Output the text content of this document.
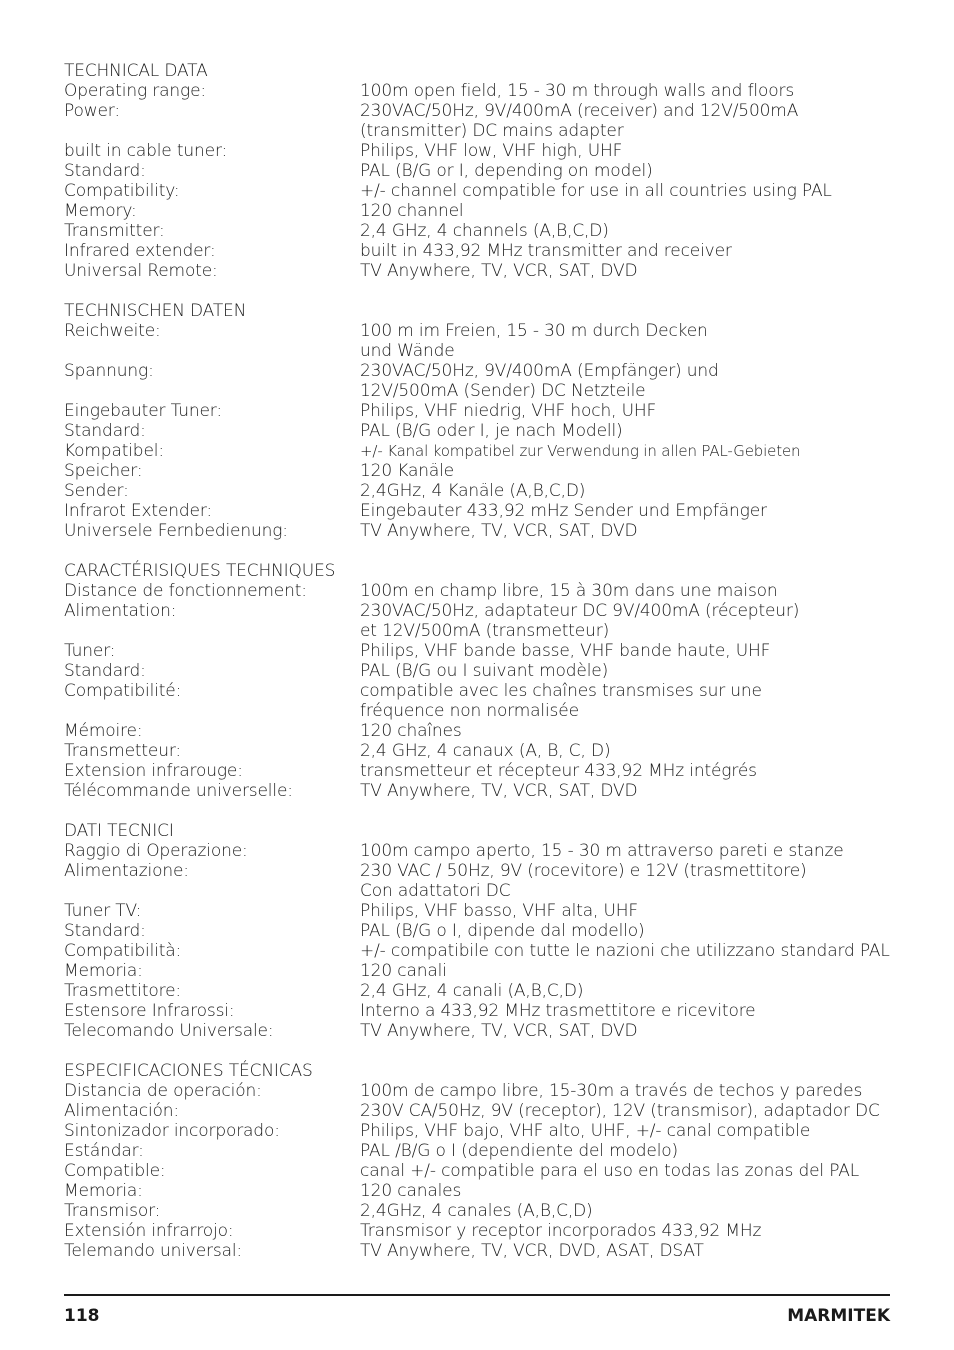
TECHNICAL DATA
Operating range:	100m open field, 15 - 30 m through walls and floors
Power:	230VAC/50Hz, 9V/400mA (receiver) and 12V/500mA
(transmitter) DC mains adapter
built in cable tuner:	Philips, VHF low, VHF high, UHF
Standard:	PAL (B/G or I, depending on model)
Compatibility:	+/- channel compatible for use in all countries using PAL
Memory:	120 channel
Transmitter:	2,4 GHz, 4 channels (A,B,C,D)
Infrared extender:	built in 433,92 MHz transmitter and receiver
Universal Remote:	TV Anywhere, TV, VCR, SAT, DVD
TECHNISCHEN DATEN
Reichweite:	100 m im Freien, 15 - 30 m durch Decken
und Wände
Spannung:	230VAC/50Hz, 9V/400mA (Empfänger) und
12V/500mA (Sender) DC Netzteile
Eingebauter Tuner:	Philips, VHF niedrig, VHF hoch, UHF
Standard:	PAL (B/G oder I, je nach Modell)
Kompatibel:	+/- Kanal kompatibel zur Verwendung in allen PAL-Gebieten
Speicher:	120 Kanäle
Sender:	2,4GHz, 4 Kanäle (A,B,C,D)
Infrarot Extender:	Eingebauter 433,92 mHz Sender und Empfänger
Universele Fernbedienung:	TV Anywhere, TV, VCR, SAT, DVD
CARACTÉRISIQUES TECHNIQUES
Distance de fonctionnement:	100m en champ libre, 15 à 30m dans une maison
Alimentation:	230VAC/50Hz, adaptateur DC 9V/400mA (récepteur)
et 12V/500mA (transmetteur)
Tuner:	Philips, VHF bande basse, VHF bande haute, UHF
Standard:	PAL (B/G ou I suivant modèle)
Compatibilité:	compatible avec les chaînes transmises sur une
fréquence non normalisée
Mémoire:	120 chaînes
Transmetteur:	2,4 GHz, 4 canaux (A, B, C, D)
Extension infrarouge:	transmetteur et récepteur 433,92 MHz intégrés
Télécommande universelle:	TV Anywhere, TV, VCR, SAT, DVD
DATI TECNICI
Raggio di Operazione:	100m campo aperto, 15 - 30 m attraverso pareti e stanze
Alimentazione:	230 VAC / 50Hz, 9V (rocevitore) e 12V (trasmettitore)
Con adattatori DC
Tuner TV:	Philips, VHF basso, VHF alta, UHF
Standard:	PAL (B/G o I, dipende dal modello)
Compatibilità:	+/- compatibile con tutte le nazioni che utilizzano standard PAL
Memoria:	120 canali
Trasmettitore:	2,4 GHz, 4 canali (A,B,C,D)
Estensore Infrarossi:	Interno a 433,92 MHz trasmettitore e ricevitore
Telecomando Universale:	TV Anywhere, TV, VCR, SAT, DVD
ESPECIFICACIONES TÉCNICAS
Distancia de operación:	100m de campo libre, 15-30m a través de techos y paredes
Alimentación:	230V CA/50Hz, 9V (receptor), 12V (transmisor), adaptador DC
Sintonizador incorporado:	Philips, VHF bajo, VHF alto, UHF, +/- canal compatible
Estándar:	PAL /B/G o I (dependiente del modelo)
Compatible:	canal +/- compatible para el uso en todas las zonas del PAL
Memoria:	120 canales
Transmisor:	2,4GHz, 4 canales (A,B,C,D)
Extensión infrarrojo:	Transmisor y receptor incorporados 433,92 MHz
Telemando universal:	TV Anywhere, TV, VCR, DVD, ASAT, DSAT
118	MARMITEK
